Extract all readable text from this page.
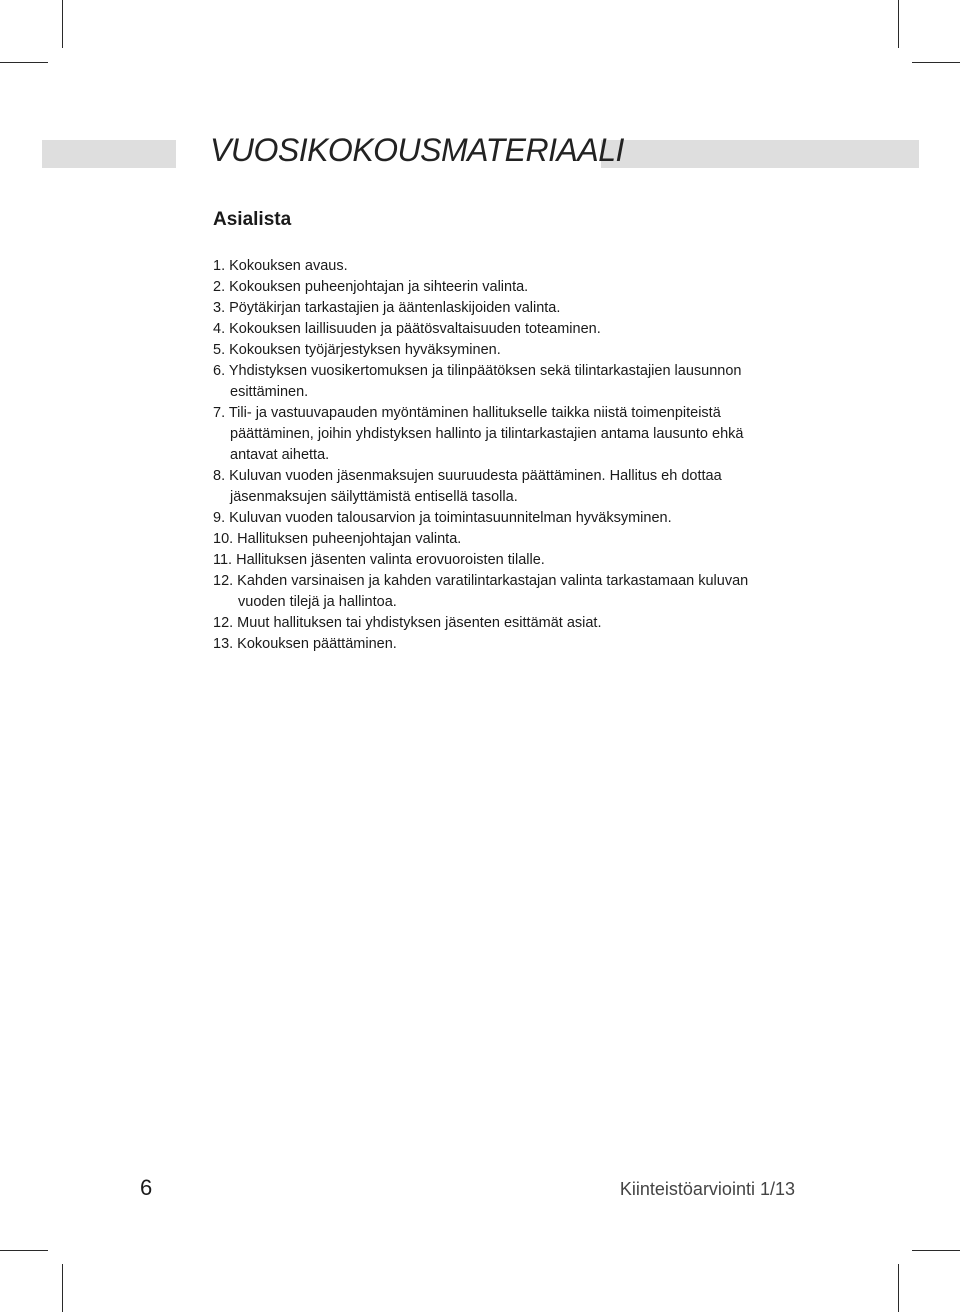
VUOSIKOKOUSMATERIAALI
Asialista
1. Kokouksen avaus.
2. Kokouksen puheenjohtajan ja sihteerin valinta.
3. Pöytäkirjan tarkastajien ja ääntenlaskijoiden valinta.
4. Kokouksen laillisuuden ja päätösvaltaisuuden toteaminen.
5. Kokouksen työjärjestyksen hyväksyminen.
6. Yhdistyksen vuosikertomuksen ja tilinpäätöksen sekä tilintarkastajien lausunnon esittäminen.
7. Tili- ja vastuuvapauden myöntäminen hallitukselle taikka niistä toimenpiteistä päättäminen, joihin yhdistyksen hallinto ja tilintarkastajien antama lausunto ehkä antavat aihetta.
8. Kuluvan vuoden jäsenmaksujen suuruudesta päättäminen. Hallitus eh dottaa jäsenmaksujen säilyttämistä entisellä tasolla.
9. Kuluvan vuoden talousarvion ja toimintasuunnitelman hyväksyminen.
10. Hallituksen puheenjohtajan valinta.
11. Hallituksen jäsenten valinta erovuoroisten tilalle.
12. Kahden varsinaisen ja kahden varatilintarkastajan valinta tarkastamaan kuluvan vuoden tilejä ja hallintoa.
12. Muut hallituksen tai yhdistyksen jäsenten esittämät asiat.
13. Kokouksen päättäminen.
6	Kiinteistöarviointi 1/13
